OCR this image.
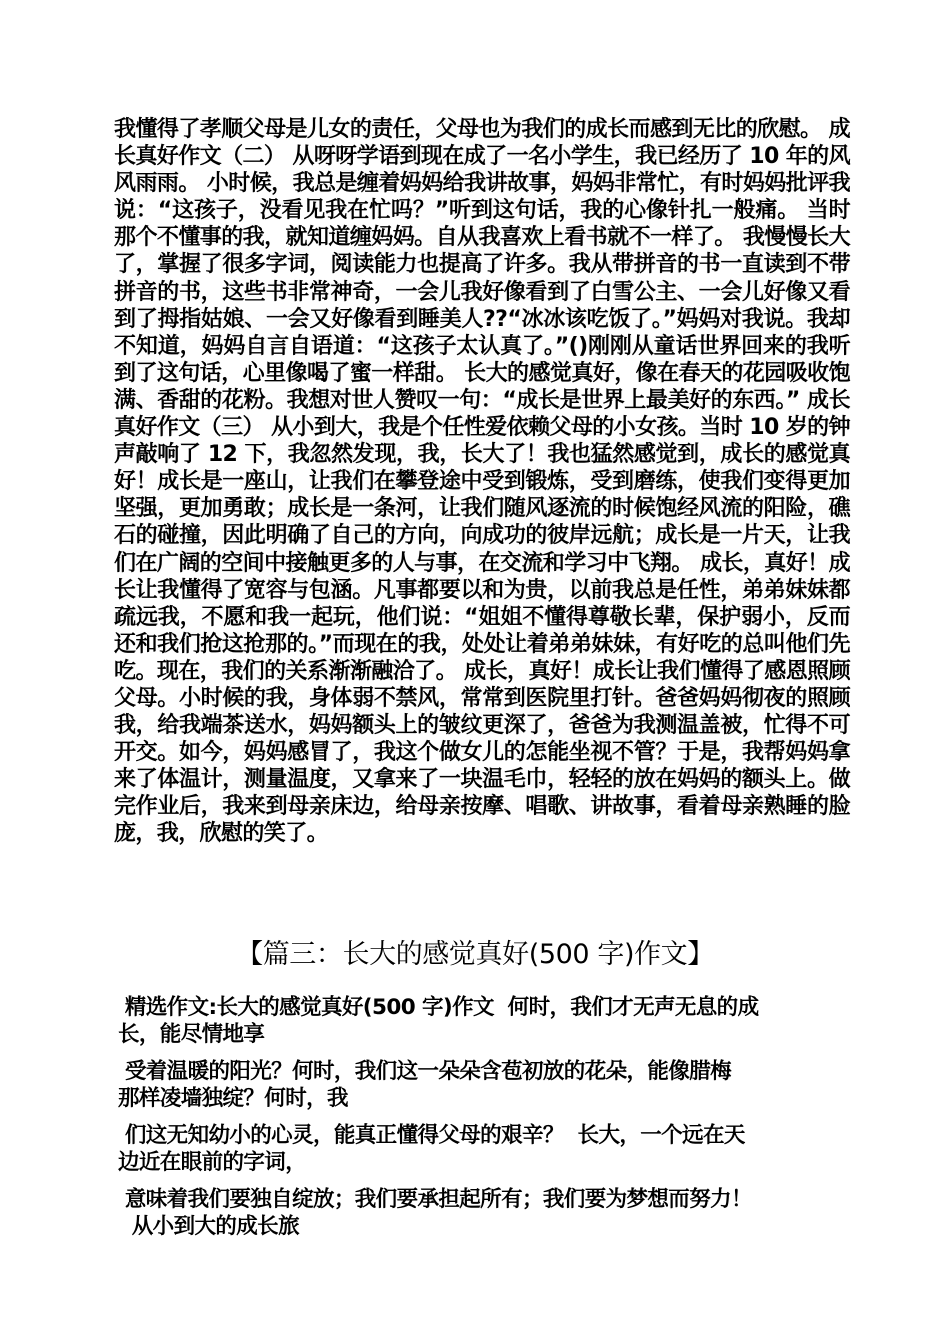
我懂得了孝顺父母是儿女的责任，父母也为我们的成长而感到无比的欣慰。 成长真好作文（二） 从呀呀学语到现在成了一名小学生，我已经历了 10 年的风风雨雨。 小时候，我总是缠着妈妈给我讲故事，妈妈非常忙，有时妈妈批评我说：“这孩子，没看见我在忙吗？”听到这句话，我的心像针扎一般痛。 当时那个不懂事的我，就知道缠妈妈。自从我喜欢上看书就不一样了。 我慢慢长大了，掌握了很多字词，阅读能力也提高了许多。我从带拼音的书一直读到不带拼音的书，这些书非常神奇，一会儿我好像看到了白雪公主、一会儿好像又看到了拇指姑娘、一会又好像看到睡美人??“冰冰该吃饭了。”妈妈对我说。我却不知道，妈妈自言自语道：“这孩子太认真了。”()刚刚从童话世界回来的我听到了这句话，心里像喝了蜜一样甜。 长大的感觉真好，像在春天的花园吸收饱满、香甜的花粉。我想对世人赞叹一句：“成长是世界上最美好的东西。” 成长真好作文（三） 从小到大，我是个任性爱依赖父母的小女孩。当时 10 岁的钟声敲响了 12 下，我忽然发现，我，长大了！我也猛然感觉到，成长的感觉真好！成长是一座山，让我们在攀登途中受到锻炼，受到磨练，使我们变得更加坚强，更加勇敢；成长是一条河，让我们随风逐流的时候饱经风流的阳险，礁石的碰撞，因此明确了自己的方向，向成功的彼岸远航；成长是一片天，让我们在广阔的空间中接触更多的人与事，在交流和学习中飞翔。 成长，真好！成长让我懂得了宽容与包涵。凡事都要以和为贵，以前我总是任性，弟弟妹妹都疏远我，不愿和我一起玩，他们说：“姐姐不懂得尊敬长辈，保护弱小，反而还和我们抢这抢那的。”而现在的我，处处让着弟弟妹妹，有好吃的总叫他们先吃。现在，我们的关系渐渐融洽了。 成长，真好！成长让我们懂得了感恩照顾父母。小时候的我，身体弱不禁风，常常到医院里打针。爸爸妈妈彻夜的照顾我，给我端茶送水，妈妈额头上的皱纹更深了，爸爸为我测温盖被，忙得不可开交。如今，妈妈感冒了，我这个做女儿的怎能坐视不管？于是，我帮妈妈拿来了体温计，测量温度，又拿来了一块温毛巾，轻轻的放在妈妈的额头上。做完作业后，我来到母亲床边，给母亲按摩、唱歌、讲故事，看着母亲熟睡的脸庞，我，欣慰的笑了。

【篇三：长大的感觉真好(500 字)作文】
精选作文:长大的感觉真好(500 字)作文  何时，我们才无声无息的成
长，能尽情地享
受着温暖的阳光？何时，我们这一朵朵含苞初放的花朵，能像腊梅
那样凌墙独绽？何时，我
们这无知幼小的心灵，能真正懂得父母的艰辛？  长大，一个远在天
边近在眼前的字词，
意味着我们要独自绽放；我们要承担起所有；我们要为梦想而努力！
从小到大的成长旅
